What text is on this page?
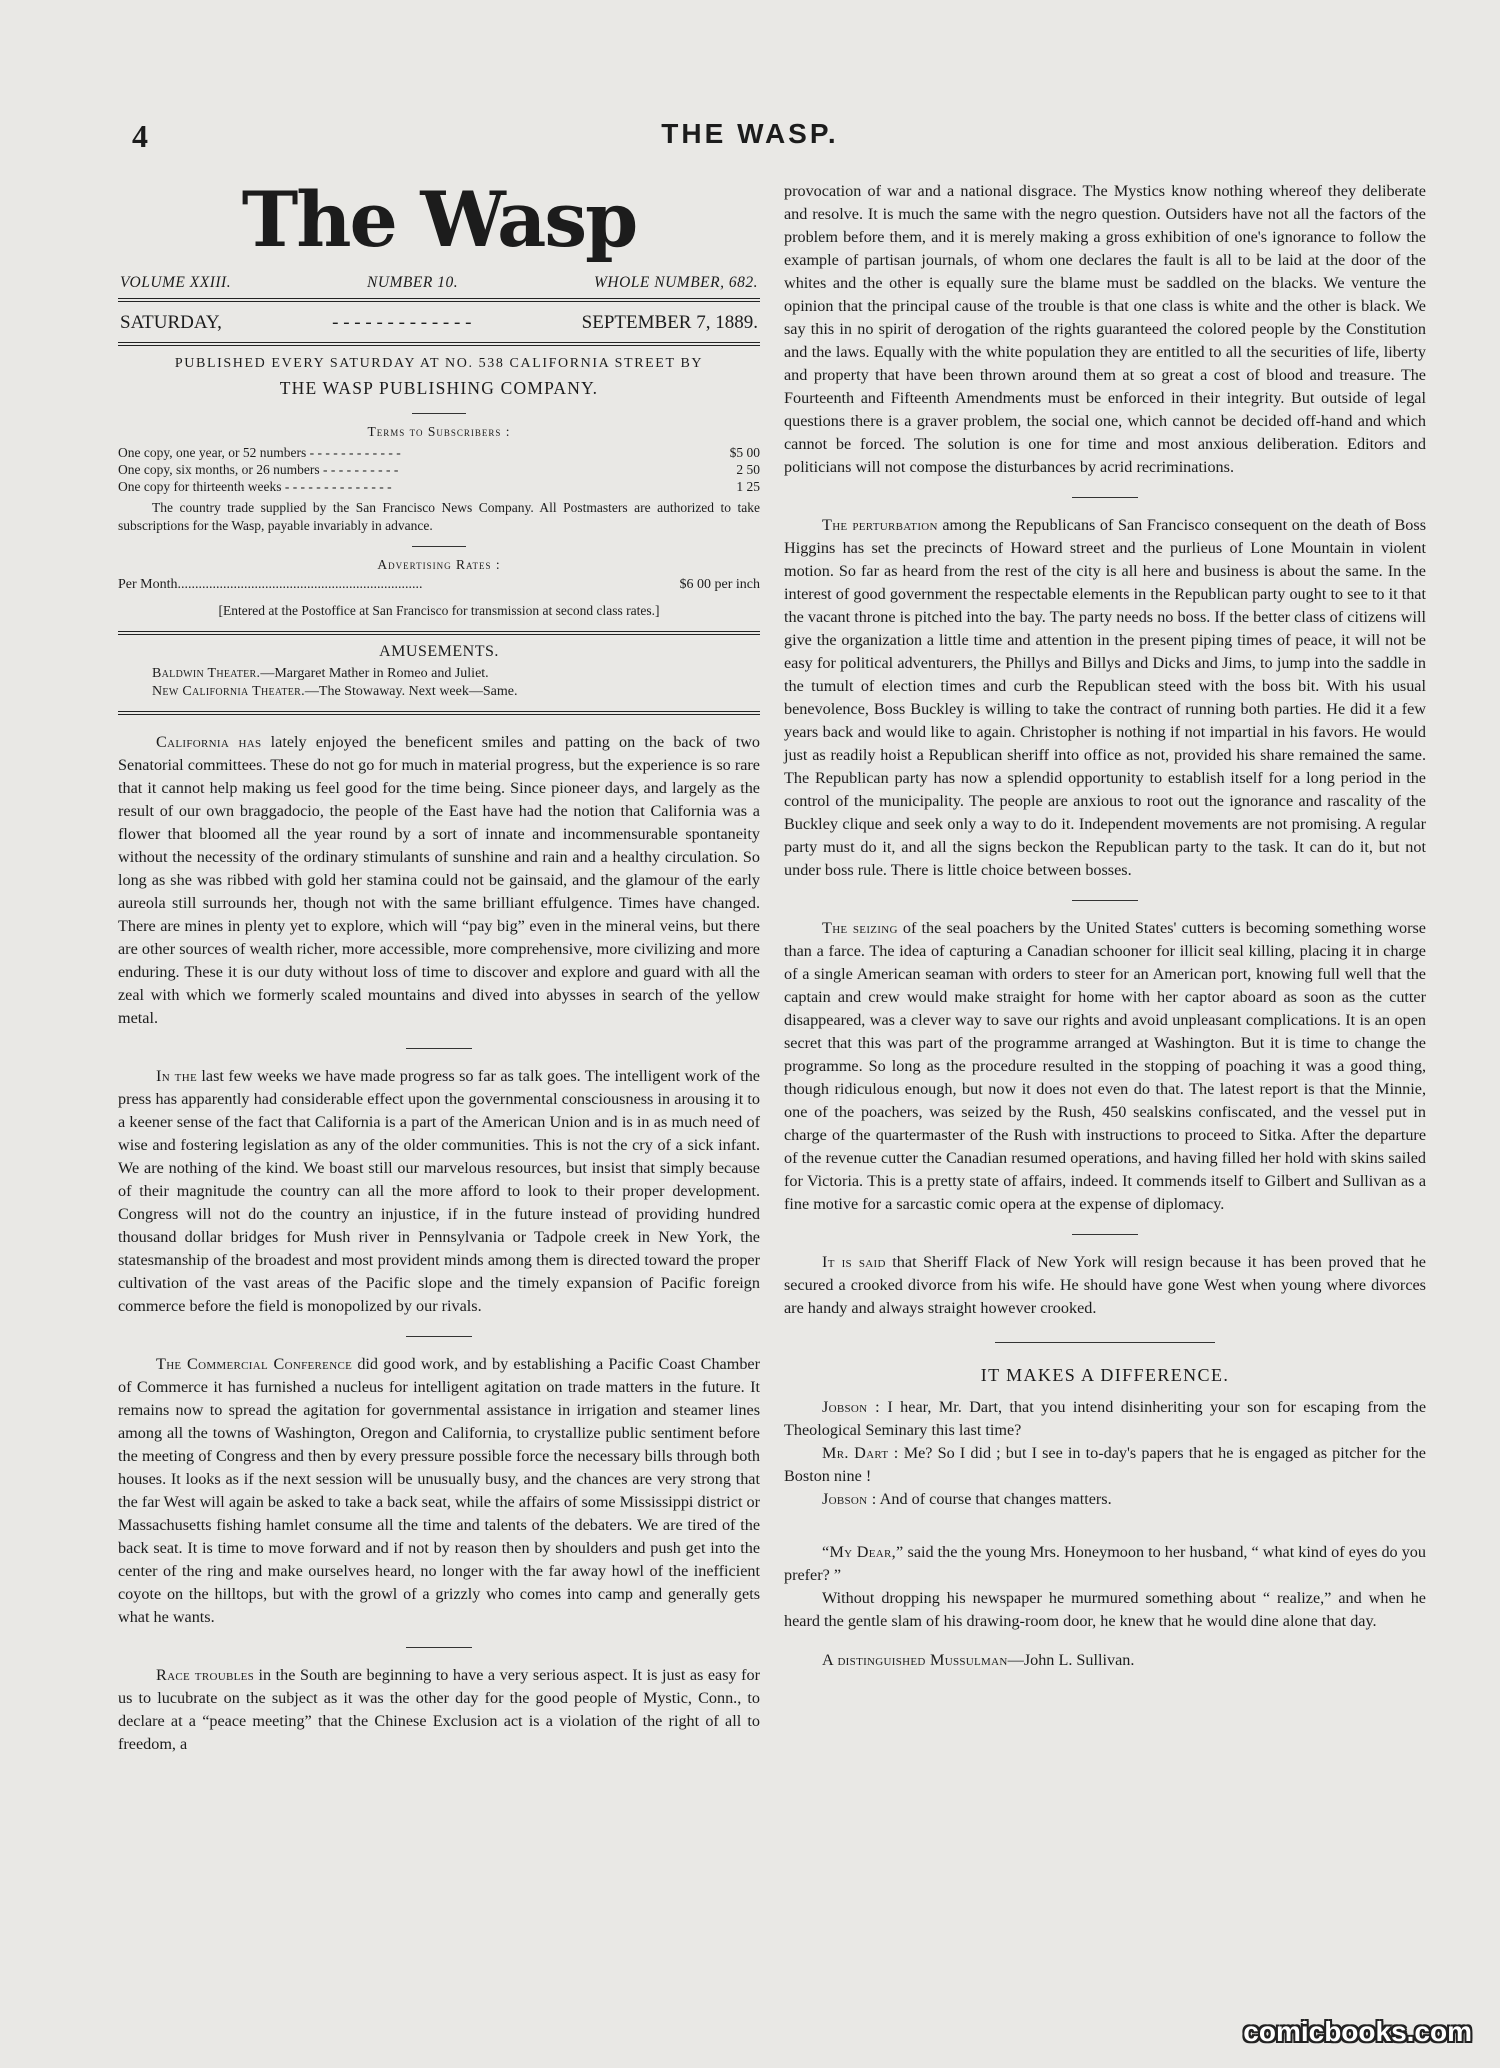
4	THE WASP.
The Wasp
VOLUME XXIII.	NUMBER 10.	WHOLE NUMBER, 682.
SATURDAY,	- - - - - - - - - - - - -	SEPTEMBER 7, 1889.
PUBLISHED EVERY SATURDAY AT NO. 538 CALIFORNIA STREET BY
THE WASP PUBLISHING COMPANY.
Terms to Subscribers :
One copy, one year, or 52 numbers - - - - - - - - - - - -	$5 00
One copy, six months, or 26 numbers - - - - - - - - - -	2 50
One copy for thirteenth weeks - - - - - - - - - - - - - -	1 25

The country trade supplied by the San Francisco News Company. All Postmasters are authorized to take subscriptions for the Wasp, payable invariably in advance.

Advertising Rates :
Per Month......................................................................	$6 00 per inch
[Entered at the Postoffice at San Francisco for transmission at second class rates.]
AMUSEMENTS.
Baldwin Theater.—Margaret Mather in Romeo and Juliet.
New California Theater.—The Stowaway. Next week—Same.

California has lately enjoyed the beneficent smiles and patting on the back of two Senatorial committees. These do not go for much in material progress, but the experience is so rare that it cannot help making us feel good for the time being. Since pioneer days, and largely as the result of our own braggadocio, the people of the East have had the notion that California was a flower that bloomed all the year round by a sort of innate and incommensurable spontaneity without the necessity of the ordinary stimulants of sunshine and rain and a healthy circulation. So long as she was ribbed with gold her stamina could not be gainsaid, and the glamour of the early aureola still surrounds her, though not with the same brilliant effulgence. Times have changed. There are mines in plenty yet to explore, which will “pay big” even in the mineral veins, but there are other sources of wealth richer, more accessible, more comprehensive, more civilizing and more enduring. These it is our duty without loss of time to discover and explore and guard with all the zeal with which we formerly scaled mountains and dived into abysses in search of the yellow metal.

In the last few weeks we have made progress so far as talk goes. The intelligent work of the press has apparently had considerable effect upon the governmental consciousness in arousing it to a keener sense of the fact that California is a part of the American Union and is in as much need of wise and fostering legislation as any of the older communities. This is not the cry of a sick infant. We are nothing of the kind. We boast still our marvelous resources, but insist that simply because of their magnitude the country can all the more afford to look to their proper development. Congress will not do the country an injustice, if in the future instead of providing hundred thousand dollar bridges for Mush river in Pennsylvania or Tadpole creek in New York, the statesmanship of the broadest and most provident minds among them is directed toward the proper cultivation of the vast areas of the Pacific slope and the timely expansion of Pacific foreign commerce before the field is monopolized by our rivals.

The Commercial Conference did good work, and by establishing a Pacific Coast Chamber of Commerce it has furnished a nucleus for intelligent agitation on trade matters in the future. It remains now to spread the agitation for governmental assistance in irrigation and steamer lines among all the towns of Washington, Oregon and California, to crystallize public sentiment before the meeting of Congress and then by every pressure possible force the necessary bills through both houses. It looks as if the next session will be unusually busy, and the chances are very strong that the far West will again be asked to take a back seat, while the affairs of some Mississippi district or Massachusetts fishing hamlet consume all the time and talents of the debaters. We are tired of the back seat. It is time to move forward and if not by reason then by shoulders and push get into the center of the ring and make ourselves heard, no longer with the far away howl of the inefficient coyote on the hilltops, but with the growl of a grizzly who comes into camp and generally gets what he wants.

Race troubles in the South are beginning to have a very serious aspect. It is just as easy for us to lucubrate on the subject as it was the other day for the good people of Mystic, Conn., to declare at a “peace meeting” that the Chinese Exclusion act is a violation of the right of all to freedom, a

provocation of war and a national disgrace. The Mystics know nothing whereof they deliberate and resolve. It is much the same with the negro question. Outsiders have not all the factors of the problem before them, and it is merely making a gross exhibition of one's ignorance to follow the example of partisan journals, of whom one declares the fault is all to be laid at the door of the whites and the other is equally sure the blame must be saddled on the blacks. We venture the opinion that the principal cause of the trouble is that one class is white and the other is black. We say this in no spirit of derogation of the rights guaranteed the colored people by the Constitution and the laws. Equally with the white population they are entitled to all the securities of life, liberty and property that have been thrown around them at so great a cost of blood and treasure. The Fourteenth and Fifteenth Amendments must be enforced in their integrity. But outside of legal questions there is a graver problem, the social one, which cannot be decided off-hand and which cannot be forced. The solution is one for time and most anxious deliberation. Editors and politicians will not compose the disturbances by acrid recriminations.

The perturbation among the Republicans of San Francisco consequent on the death of Boss Higgins has set the precincts of Howard street and the purlieus of Lone Mountain in violent motion. So far as heard from the rest of the city is all here and business is about the same. In the interest of good government the respectable elements in the Republican party ought to see to it that the vacant throne is pitched into the bay. The party needs no boss. If the better class of citizens will give the organization a little time and attention in the present piping times of peace, it will not be easy for political adventurers, the Phillys and Billys and Dicks and Jims, to jump into the saddle in the tumult of election times and curb the Republican steed with the boss bit. With his usual benevolence, Boss Buckley is willing to take the contract of running both parties. He did it a few years back and would like to again. Christopher is nothing if not impartial in his favors. He would just as readily hoist a Republican sheriff into office as not, provided his share remained the same. The Republican party has now a splendid opportunity to establish itself for a long period in the control of the municipality. The people are anxious to root out the ignorance and rascality of the Buckley clique and seek only a way to do it. Independent movements are not promising. A regular party must do it, and all the signs beckon the Republican party to the task. It can do it, but not under boss rule. There is little choice between bosses.

The seizing of the seal poachers by the United States' cutters is becoming something worse than a farce. The idea of capturing a Canadian schooner for illicit seal killing, placing it in charge of a single American seaman with orders to steer for an American port, knowing full well that the captain and crew would make straight for home with her captor aboard as soon as the cutter disappeared, was a clever way to save our rights and avoid unpleasant complications. It is an open secret that this was part of the programme arranged at Washington. But it is time to change the programme. So long as the procedure resulted in the stopping of poaching it was a good thing, though ridiculous enough, but now it does not even do that. The latest report is that the Minnie, one of the poachers, was seized by the Rush, 450 sealskins confiscated, and the vessel put in charge of the quartermaster of the Rush with instructions to proceed to Sitka. After the departure of the revenue cutter the Canadian resumed operations, and having filled her hold with skins sailed for Victoria. This is a pretty state of affairs, indeed. It commends itself to Gilbert and Sullivan as a fine motive for a sarcastic comic opera at the expense of diplomacy.

It is said that Sheriff Flack of New York will resign because it has been proved that he secured a crooked divorce from his wife. He should have gone West when young where divorces are handy and always straight however crooked.

IT MAKES A DIFFERENCE.

Jobson : I hear, Mr. Dart, that you intend disinheriting your son for escaping from the Theological Seminary this last time?

Mr. Dart : Me? So I did ; but I see in to-day's papers that he is engaged as pitcher for the Boston nine !

Jobson : And of course that changes matters.

“My Dear,” said the the young Mrs. Honeymoon to her husband, “ what kind of eyes do you prefer? ”

Without dropping his newspaper he murmured something about “ realize,” and when he heard the gentle slam of his drawing-room door, he knew that he would dine alone that day.

A distinguished Mussulman—John L. Sullivan.

comicbooks.com
